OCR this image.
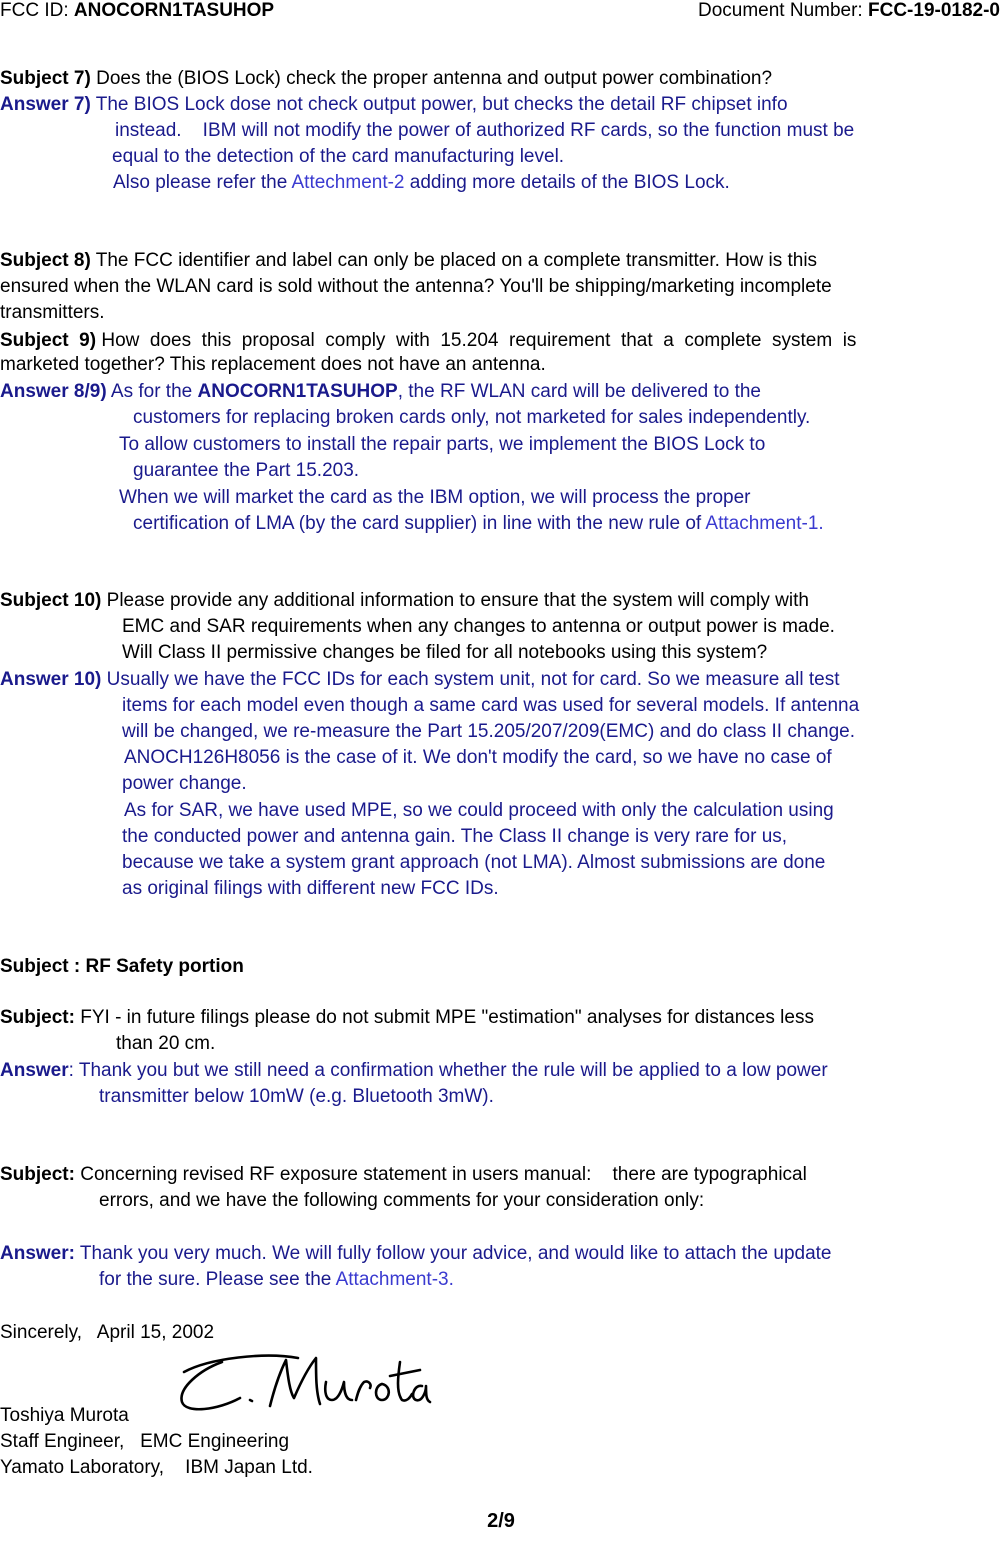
FCC ID: ANOCORN1TASUHOP	Document Number: FCC-19-0182-0
Subject 7) Does the (BIOS Lock) check the proper antenna and output power combination?
Answer 7) The BIOS Lock dose not check output power, but checks the detail RF chipset info
instead.    IBM will not modify the power of authorized RF cards, so the function must be
equal to the detection of the card manufacturing level.
Also please refer the Attechment-2 adding more details of the BIOS Lock.
Subject 8) The FCC identifier and label can only be placed on a complete transmitter. How is this
ensured when the WLAN card is sold without the antenna? You'll be shipping/marketing incomplete
transmitters.
Subject  9) How  does  this  proposal  comply  with  15.204  requirement  that  a  complete  system  is
marketed together? This replacement does not have an antenna.
Answer 8/9) As for the ANOCORN1TASUHOP, the RF WLAN card will be delivered to the
customers for replacing broken cards only, not marketed for sales independently.
To allow customers to install the repair parts, we implement the BIOS Lock to
guarantee the Part 15.203.
When we will market the card as the IBM option, we will process the proper
certification of LMA (by the card supplier) in line with the new rule of Attachment-1.
Subject 10) Please provide any additional information to ensure that the system will comply with
EMC and SAR requirements when any changes to antenna or output power is made.
Will Class II permissive changes be filed for all notebooks using this system?
Answer 10) Usually we have the FCC IDs for each system unit, not for card. So we measure all test
items for each model even though a same card was used for several models. If antenna
will be changed, we re-measure the Part 15.205/207/209(EMC) and do class II change.
ANOCH126H8056 is the case of it. We don't modify the card, so we have no case of
power change.
As for SAR, we have used MPE, so we could proceed with only the calculation using
the conducted power and antenna gain. The Class II change is very rare for us,
because we take a system grant approach (not LMA). Almost submissions are done
as original filings with different new FCC IDs.
Subject : RF Safety portion
Subject: FYI - in future filings please do not submit MPE "estimation" analyses for distances less
than 20 cm.
Answer: Thank you but we still need a confirmation whether the rule will be applied to a low power
transmitter below 10mW (e.g. Bluetooth 3mW).
Subject: Concerning revised RF exposure statement in users manual:    there are typographical
errors, and we have the following comments for your consideration only:
Answer: Thank you very much. We will fully follow your advice, and would like to attach the update
for the sure. Please see the Attachment-3.
Sincerely,   April 15, 2002
Toshiya Murota
Staff Engineer,   EMC Engineering
Yamato Laboratory,    IBM Japan Ltd.
2/9
